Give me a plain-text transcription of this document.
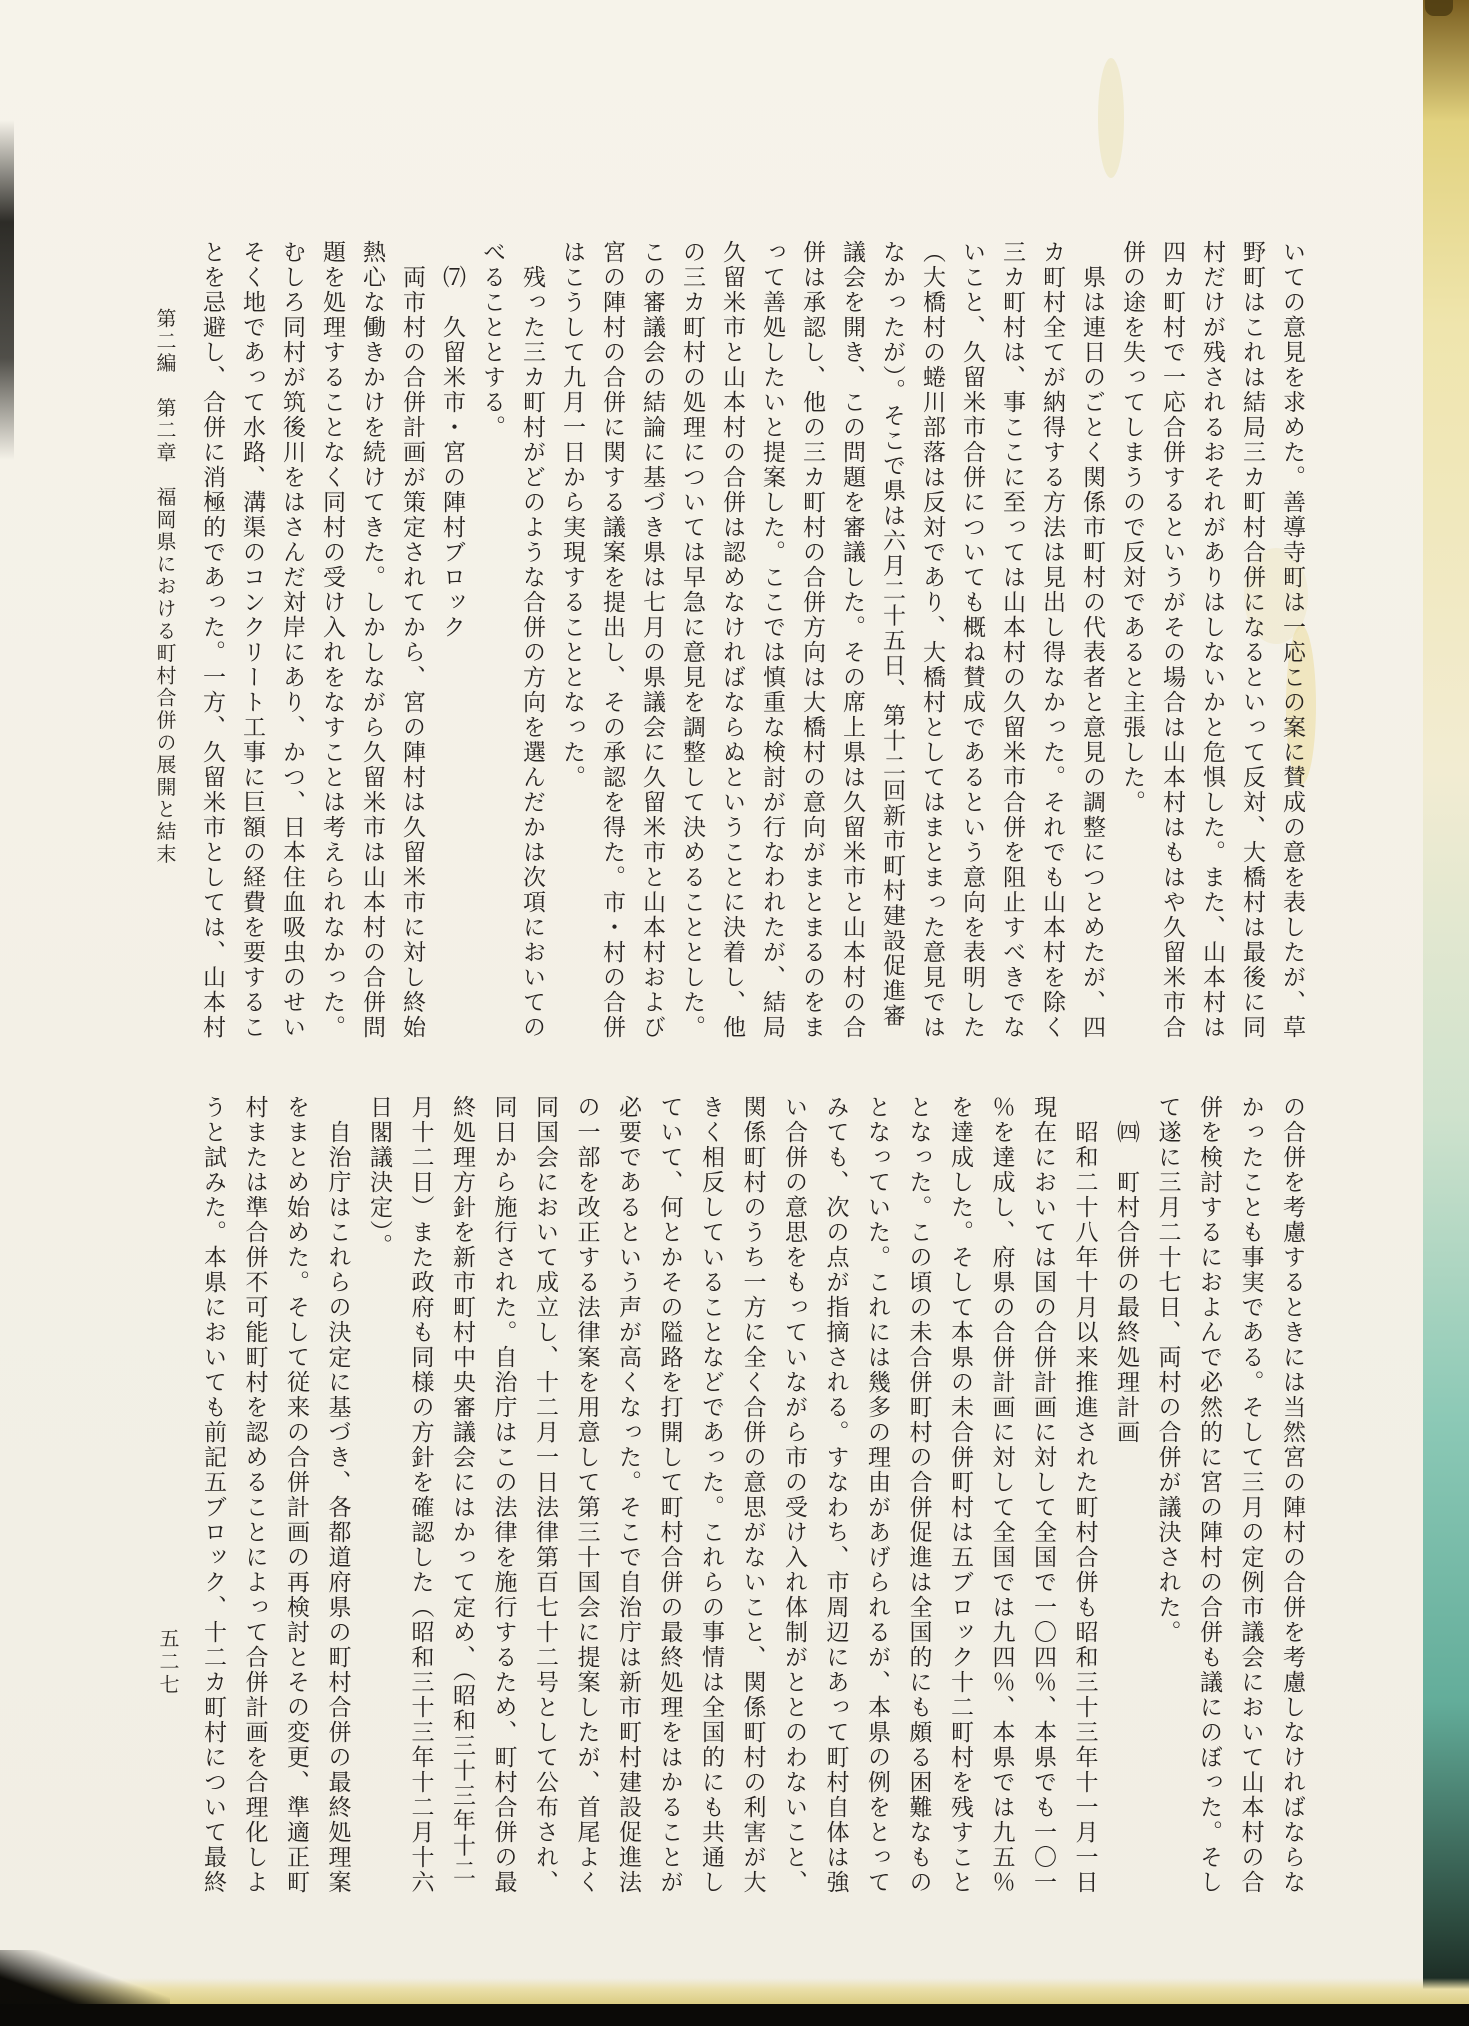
第二編　第二章　福岡県における町村合併の展開と結末	いての意見を求めた。善導寺町は一応この案に賛成の意を表したが、草

野町はこれは結局三カ町村合併になるといって反対、大橋村は最後に同

村だけが残されるおそれがありはしないかと危惧した。また、山本村は

四カ町村で一応合併するというがその場合は山本村はもはや久留米市合

併の途を失ってしまうので反対であると主張した。

　県は連日のごとく関係市町村の代表者と意見の調整につとめたが、四

カ町村全てが納得する方法は見出し得なかった。それでも山本村を除く

三カ町村は、事ここに至っては山本村の久留米市合併を阻止すべきでな

いこと、久留米市合併についても概ね賛成であるという意向を表明した

（大橋村の蜷川部落は反対であり、大橋村としてはまとまった意見では

なかったが）。そこで県は六月二十五日、第十二回新市町村建設促進審

議会を開き、この問題を審議した。その席上県は久留米市と山本村の合

併は承認し、他の三カ町村の合併方向は大橋村の意向がまとまるのをま

って善処したいと提案した。ここでは慎重な検討が行なわれたが、結局

久留米市と山本村の合併は認めなければならぬということに決着し、他

の三カ町村の処理については早急に意見を調整して決めることとした。

この審議会の結論に基づき県は七月の県議会に久留米市と山本村および

宮の陣村の合併に関する議案を提出し、その承認を得た。市・村の合併

はこうして九月一日から実現することとなった。

　残った三カ町村がどのような合併の方向を選んだかは次項においての

べることとする。

　⑺　久留米市・宮の陣村ブロック

　両市村の合併計画が策定されてから、宮の陣村は久留米市に対し終始

熱心な働きかけを続けてきた。しかしながら久留米市は山本村の合併問

題を処理することなく同村の受け入れをなすことは考えられなかった。

むしろ同村が筑後川をはさんだ対岸にあり、かつ、日本住血吸虫のせい

そく地であって水路、溝渠のコンクリート工事に巨額の経費を要するこ

とを忌避し、合併に消極的であった。一方、久留米市としては、山本村

の合併を考慮するときには当然宮の陣村の合併を考慮しなければならな

かったことも事実である。そして三月の定例市議会において山本村の合

併を検討するにおよんで必然的に宮の陣村の合併も議にのぼった。そし

て遂に三月二十七日、両村の合併が議決された。

　㈣　町村合併の最終処理計画

　昭和二十八年十月以来推進された町村合併も昭和三十三年十一月一日

現在においては国の合併計画に対して全国で一〇四％、本県でも一〇一

％を達成し、府県の合併計画に対して全国では九四％、本県では九五％

を達成した。そして本県の未合併町村は五ブロック十二町村を残すこと

となった。この頃の未合併町村の合併促進は全国的にも頗る困難なもの

となっていた。これには幾多の理由があげられるが、本県の例をとって

みても、次の点が指摘される。すなわち、市周辺にあって町村自体は強

い合併の意思をもっていながら市の受け入れ体制がととのわないこと、

関係町村のうち一方に全く合併の意思がないこと、関係町村の利害が大

きく相反していることなどであった。これらの事情は全国的にも共通し

ていて、何とかその隘路を打開して町村合併の最終処理をはかることが

必要であるという声が高くなった。そこで自治庁は新市町村建設促進法

の一部を改正する法律案を用意して第三十国会に提案したが、首尾よく

同国会において成立し、十二月一日法律第百七十二号として公布され、

同日から施行された。自治庁はこの法律を施行するため、町村合併の最

終処理方針を新市町村中央審議会にはかって定め、（昭和三十三年十二

月十二日）また政府も同様の方針を確認した（昭和三十三年十二月十六

日閣議決定）。

　自治庁はこれらの決定に基づき、各都道府県の町村合併の最終処理案

をまとめ始めた。そして従来の合併計画の再検討とその変更、準適正町

村または準合併不可能町村を認めることによって合併計画を合理化しよ

うと試みた。本県においても前記五ブロック、十二カ町村について最終

五二七
